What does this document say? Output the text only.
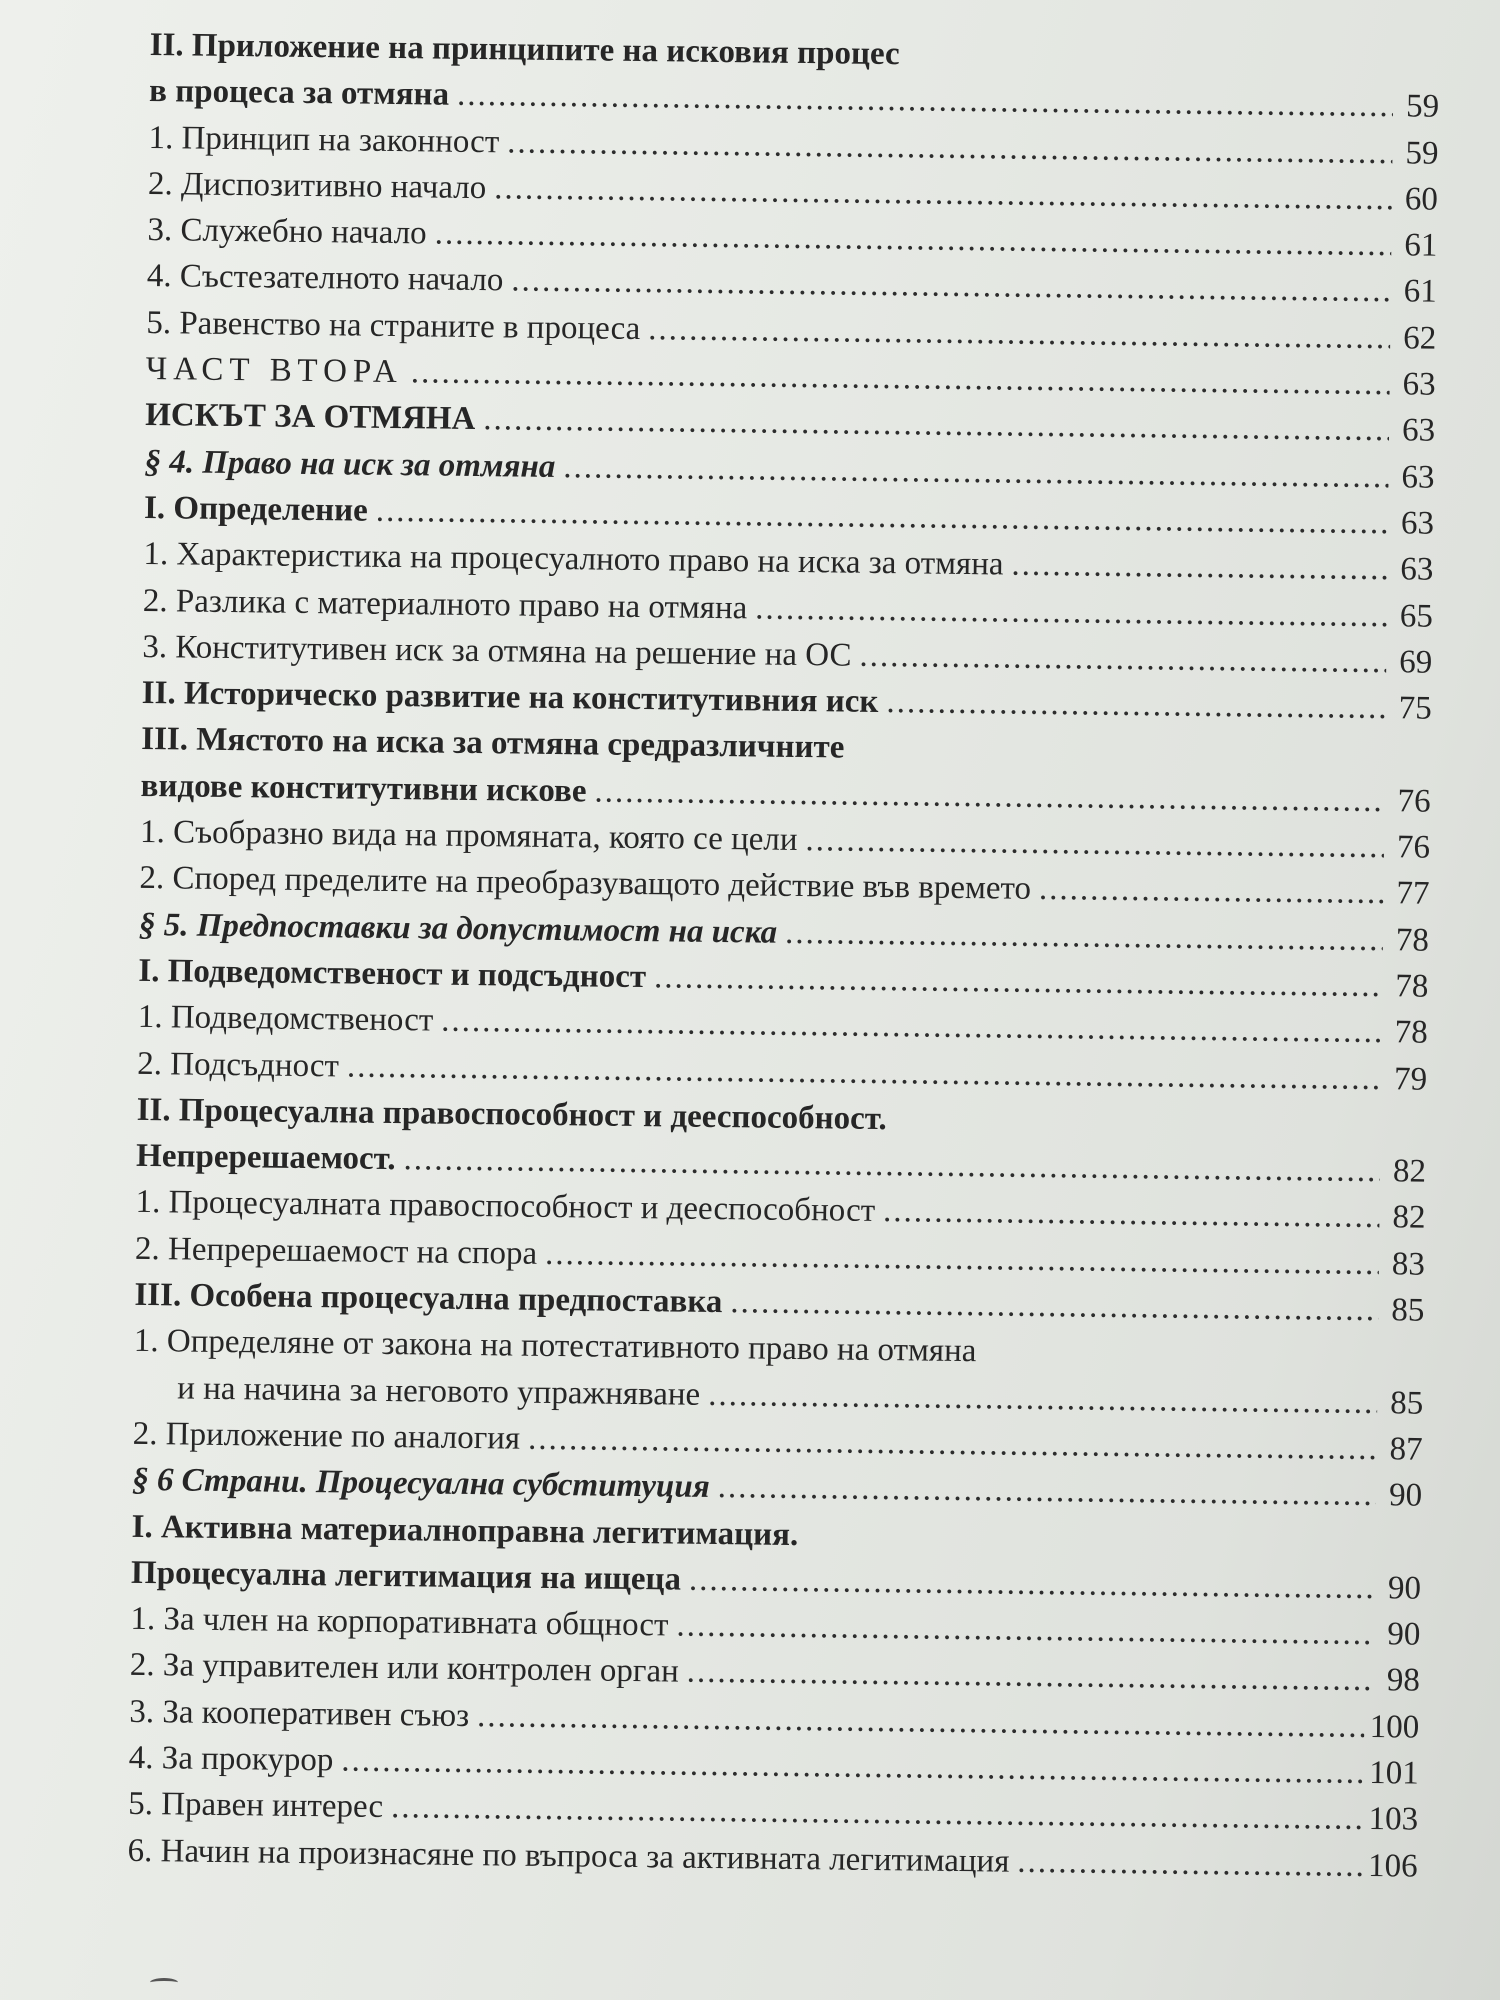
II. Приложение на принципите на исковия процес
в процеса за отмяна .....	59
1. Принцип на законност .....	59
2. Диспозитивно начало .....	60
3. Служебно начало .....	61
4. Състезателното начало .....	61
5. Равенство на страните в процеса .....	62
ЧАСТ ВТОРА .....	63
ИСКЪТ ЗА ОТМЯНА .....	63
§ 4. Право на иск за отмяна .....	63
I. Определение .....	63
1. Характеристика на процесуалното право на иска за отмяна .....	63
2. Разлика с материалното право на отмяна .....	65
3. Конститутивен иск за отмяна на решение на ОС .....	69
II. Историческо развитие на конститутивния иск .....	75
III. Мястото на иска за отмяна средразличните
видове конститутивни искове .....	76
1. Съобразно вида на промяната, която се цели .....	76
2. Според пределите на преобразуващото действие във времето .....	77
§ 5. Предпоставки за допустимост на иска .....	78
I. Подведомственост и подсъдност .....	78
1. Подведомственост .....	78
2. Подсъдност .....	79
II. Процесуална правоспособност и дееспособност.
Непререшаемост. .....	82
1. Процесуалната правоспособност и дееспособност .....	82
2. Непререшаемост на спора .....	83
III. Особена процесуална предпоставка .....	85
1. Определяне от закона на потестативното право на отмяна
и на начина за неговото упражняване .....	85
2. Приложение по аналогия .....	87
§ 6 Страни. Процесуална субституция .....	90
I. Активна материалноправна легитимация.
Процесуална легитимация на ищеца .....	90
1. За член на корпоративната общност .....	90
2. За управителен или контролен орган .....	98
3. За кооперативен съюз .....	100
4. За прокурор .....	101
5. Правен интерес .....	103
6. Начин на произнасяне по въпроса за активната легитимация .....	106
